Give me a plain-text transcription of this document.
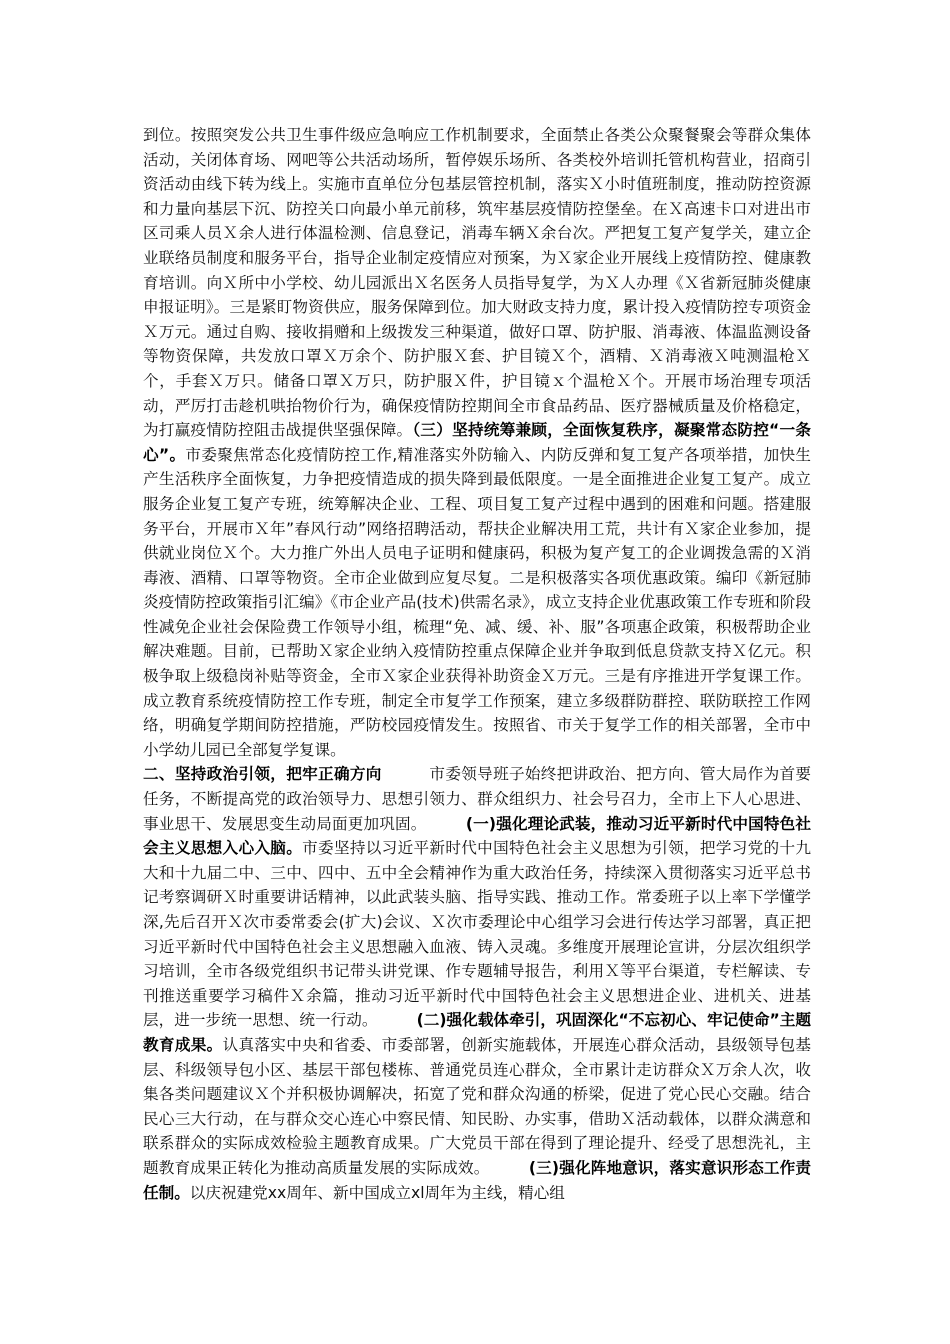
到位。按照突发公共卫生事件级应急响应工作机制要求，全面禁止各类公众聚餐聚会等群众集体活动，关闭体育场、网吧等公共活动场所，暂停娱乐场所、各类校外培训托管机构营业，招商引资活动由线下转为线上。实施市直单位分包基层管控机制，落实Ｘ小时值班制度，推动防控资源和力量向基层下沉、防控关口向最小单元前移，筑牢基层疫情防控堡垒。在Ｘ高速卡口对进出市区司乘人员Ｘ余人进行体温检测、信息登记，消毒车辆Ｘ余台次。严把复工复产复学关，建立企业联络员制度和服务平台，指导企业制定疫情应对预案，为Ｘ家企业开展线上疫情防控、健康教育培训。向Ｘ所中小学校、幼儿园派出Ｘ名医务人员指导复学，为Ｘ人办理《Ｘ省新冠肺炎健康申报证明》。三是紧盯物资供应，服务保障到位。加大财政支持力度，累计投入疫情防控专项资金Ｘ万元。通过自购、接收捐赠和上级拨发三种渠道，做好口罩、防护服、消毒液、体温监测设备等物资保障，共发放口罩Ｘ万余个、防护服Ｘ套、护目镜Ｘ个，酒精、Ｘ消毒液Ｘ吨测温枪Ｘ个，手套Ｘ万只。储备口罩Ｘ万只，防护服Ｘ件，护目镜ｘ个温枪Ｘ个。开展市场治理专项活动，严厉打击趁机哄抬物价行为，确保疫情防控期间全市食品药品、医疗器械质量及价格稳定，为打赢疫情防控阻击战提供坚强保障。（三）坚持统筹兼顾，全面恢复秩序，凝聚常态防控“一条心”。市委聚焦常态化疫情防控工作,精准落实外防输入、内防反弹和复工复产各项举措，加快生产生活秩序全面恢复，力争把疫情造成的损失降到最低限度。一是全面推进企业复工复产。成立服务企业复工复产专班，统筹解决企业、工程、项目复工复产过程中遇到的困难和问题。搭建服务平台，开展市Ｘ年”春风行动”网络招聘活动，帮扶企业解决用工荒，共计有Ｘ家企业参加，提供就业岗位Ｘ个。大力推广外出人员电子证明和健康码，积极为复产复工的企业调拨急需的Ｘ消毒液、酒精、口罩等物资。全市企业做到应复尽复。二是积极落实各项优惠政策。编印《新冠肺炎疫情防控政策指引汇编》《市企业产品(技术)供需名录》，成立支持企业优惠政策工作专班和阶段性减免企业社会保险费工作领导小组，梳理“免、减、缓、补、服”各项惠企政策，积极帮助企业解决难题。目前，已帮助Ｘ家企业纳入疫情防控重点保障企业并争取到低息贷款支持Ｘ亿元。积极争取上级稳岗补贴等资金，全市Ｘ家企业获得补助资金Ｘ万元。三是有序推进开学复课工作。成立教育系统疫情防控工作专班，制定全市复学工作预案，建立多级群防群控、联防联控工作网络，明确复学期间防控措施，严防校园疫情发生。按照省、市关于复学工作的相关部署，全市中小学幼儿园已全部复学复课。

二、坚持政治引领，把牢正确方向　　　市委领导班子始终把讲政治、把方向、管大局作为首要任务，不断提高党的政治领导力、思想引领力、群众组织力、社会号召力，全市上下人心思进、事业思干、发展思变生动局面更加巩固。　　　(一)强化理论武装，推动习近平新时代中国特色社会主义思想入心入脑。市委坚持以习近平新时代中国特色社会主义思想为引领，把学习党的十九大和十九届二中、三中、四中、五中全会精神作为重大政治任务，持续深入贯彻落实习近平总书记考察调研Ｘ时重要讲话精神，以此武装头脑、指导实践、推动工作。常委班子以上率下学懂学深,先后召开Ｘ次市委常委会(扩大)会议、Ｘ次市委理论中心组学习会进行传达学习部署，真正把习近平新时代中国特色社会主义思想融入血液、铸入灵魂。多维度开展理论宣讲，分层次组织学习培训，全市各级党组织书记带头讲党课、作专题辅导报告，利用Ｘ等平台渠道，专栏解读、专刊推送重要学习稿件Ｘ余篇，推动习近平新时代中国特色社会主义思想进企业、进机关、进基层，进一步统一思想、统一行动。　　　(二)强化载体牵引，巩固深化“不忘初心、牢记使命”主题教育成果。认真落实中央和省委、市委部署，创新实施载体，开展连心群众活动，县级领导包基层、科级领导包小区、基层干部包楼栋、普通党员连心群众，全市累计走访群众Ｘ万余人次，收集各类问题建议Ｘ个并积极协调解决，拓宽了党和群众沟通的桥梁，促进了党心民心交融。结合民心三大行动，在与群众交心连心中察民情、知民盼、办实事，借助Ｘ活动载体，以群众满意和联系群众的实际成效检验主题教育成果。广大党员干部在得到了理论提升、经受了思想洗礼，主题教育成果正转化为推动高质量发展的实际成效。　　　(三)强化阵地意识，落实意识形态工作责任制。以庆祝建党xx周年、新中国成立xl周年为主线，精心组
